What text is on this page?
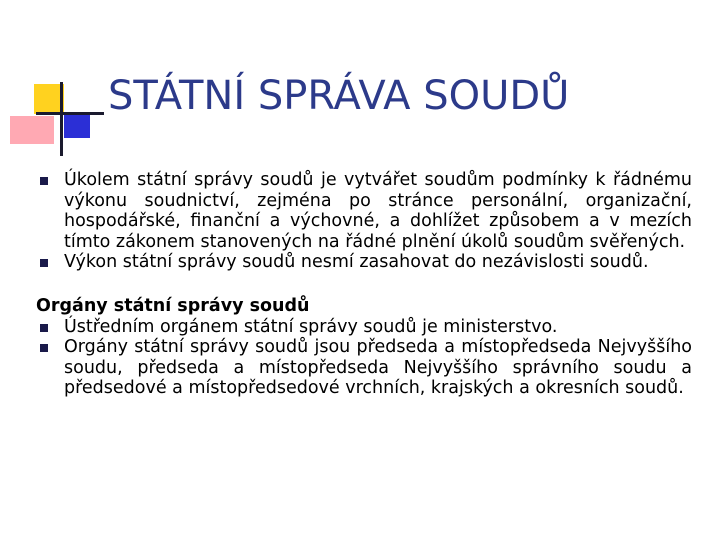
STÁTNÍ SPRÁVA SOUDŮ
Úkolem státní správy soudů je vytvářet soudům podmínky k řádnému výkonu soudnictví, zejména po stránce personální, organizační, hospodářské, finanční a výchovné, a dohlížet způsobem a v mezích tímto zákonem stanovených na řádné plnění úkolů soudům svěřených.
Výkon státní správy soudů nesmí zasahovat do nezávislosti soudů.
Orgány státní správy soudů
Ústředním orgánem státní správy soudů je ministerstvo.
Orgány státní správy soudů jsou předseda a místopředseda Nejvyššího soudu, předseda a místopředseda Nejvyššího správního soudu a předsedové a místopředsedové vrchních, krajských a okresních soudů.
